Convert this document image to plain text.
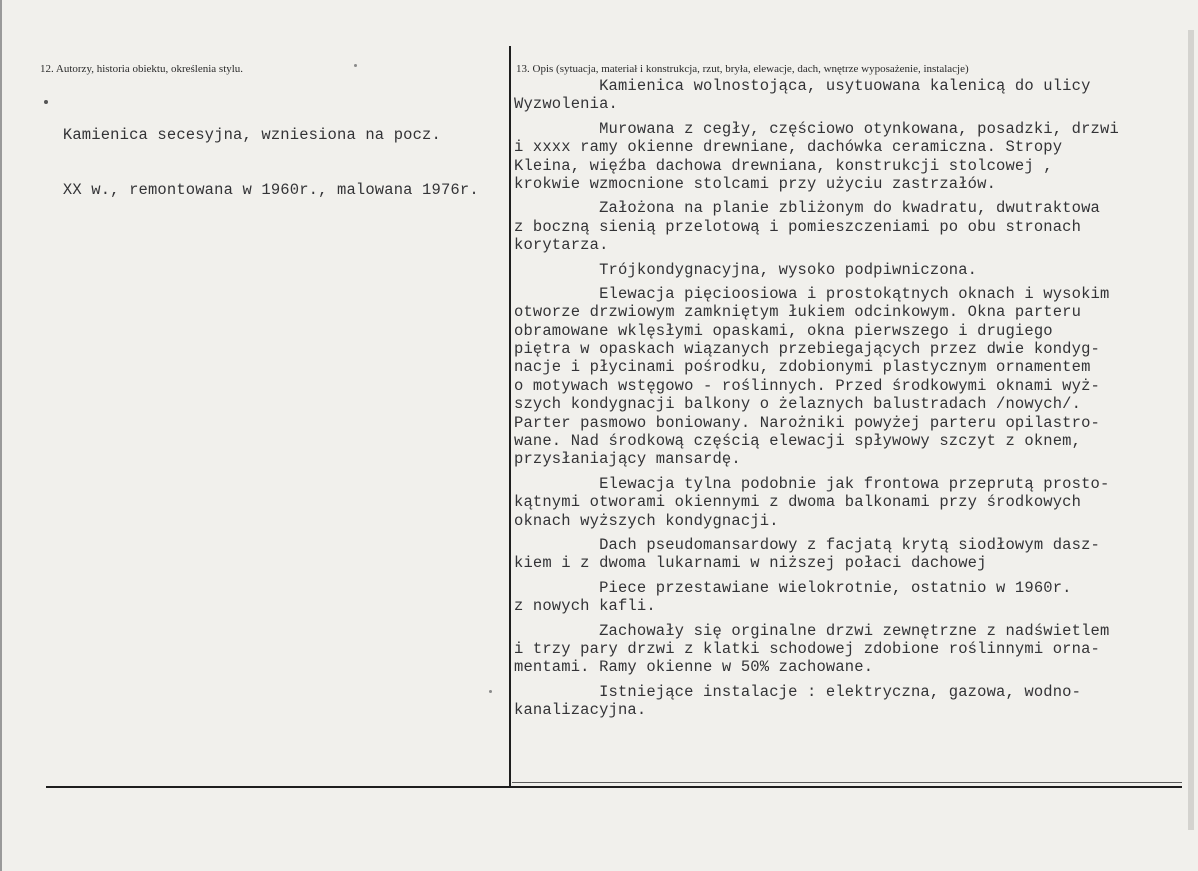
12. Autorzy, historia obiektu, określenia stylu.	13. Opis (sytuacja, materiał i konstrukcja, rzut, bryła, elewacje, dach, wnętrze wyposażenie, instalacje)

Kamienica secesyjna, wzniesiona na pocz.

XX w., remontowana w 1960r., malowana 1976r.

Kamienica wolnostojąca, usytuowana kalenicą do ulicy
Wyzwolenia.
Murowana z cegły, częściowo otynkowana, posadzki, drzwi
i xxxx ramy okienne drewniane, dachówka ceramiczna. Stropy
Kleina, więźba dachowa drewniana, konstrukcji stolcowej ,
krokwie wzmocnione stolcami przy użyciu zastrzałów.
Założona na planie zbliżonym do kwadratu, dwutraktowa
z boczną sienią przelotową i pomieszczeniami po obu stronach
korytarza.
Trójkondygnacyjna, wysoko podpiwniczona.
Elewacja pięcioosiowa i prostokątnych oknach i wysokim
otworze drzwiowym zamkniętym łukiem odcinkowym. Okna parteru
obramowane wklęsłymi opaskami, okna pierwszego i drugiego
piętra w opaskach wiązanych przebiegających przez dwie kondyg-
nacje i płycinami pośrodku, zdobionymi plastycznym ornamentem
o motywach wstęgowo - roślinnych. Przed środkowymi oknami wyż-
szych kondygnacji balkony o żelaznych balustradach /nowych/.
Parter pasmowo boniowany. Narożniki powyżej parteru opilastro-
wane. Nad środkową częścią elewacji spływowy szczyt z oknem,
przysłaniający mansardę.
Elewacja tylna podobnie jak frontowa przeprutą prosto-
kątnymi otworami okiennymi z dwoma balkonami przy środkowych
oknach wyższych kondygnacji.
Dach pseudomansardowy z facjatą krytą siodłowym dasz-
kiem i z dwoma lukarnami w niższej połaci dachowej
Piece przestawiane wielokrotnie, ostatnio w 1960r.
z nowych kafli.
Zachowały się orginalne drzwi zewnętrzne z nadświetlem
i trzy pary drzwi z klatki schodowej zdobione roślinnymi orna-
mentami. Ramy okienne w 50% zachowane.
Istniejące instalacje : elektryczna, gazowa, wodno-
kanalizacyjna.
